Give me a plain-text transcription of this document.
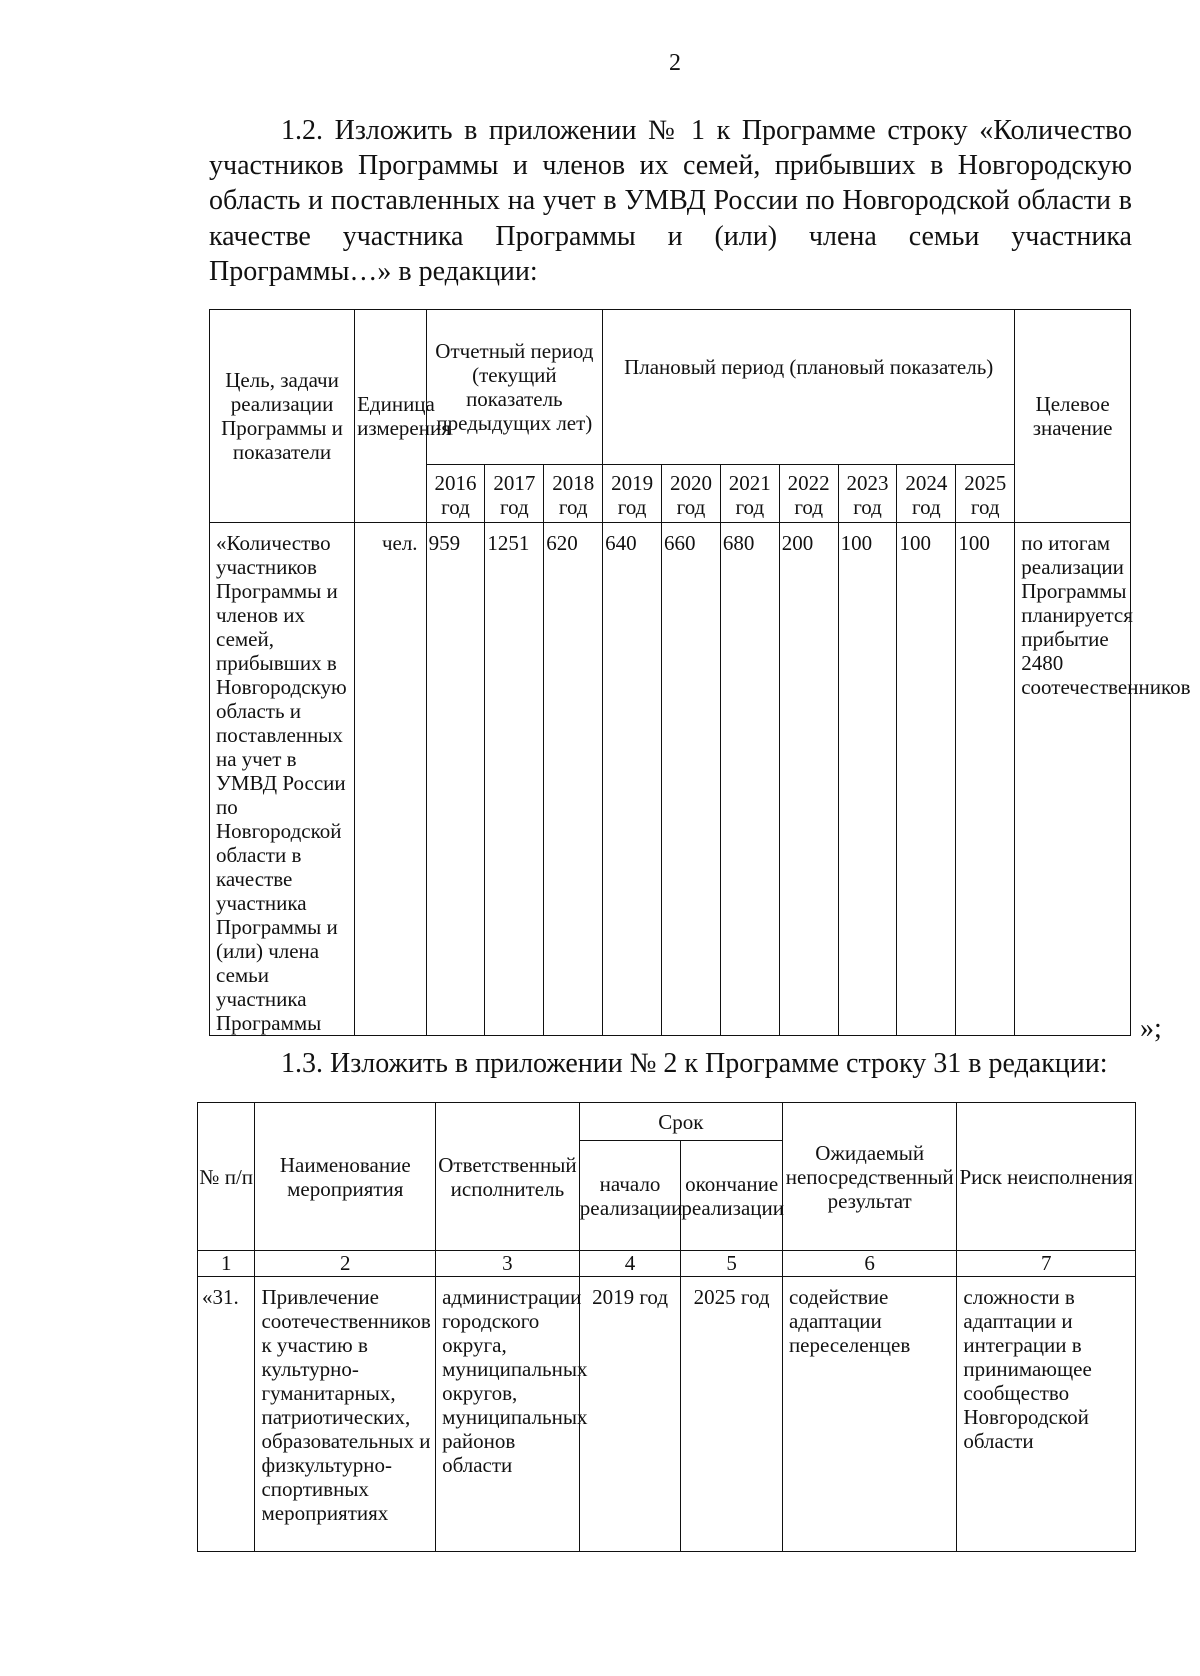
2
1.2. Изложить в приложении № 1 к Программе строку «Количество участников Программы и членов их семей, прибывших в Новгородскую область и поставленных на учет в УМВД России по Новгородской области в качестве участника Программы и (или) члена семьи участника Программы…» в редакции:
Цель, задачи реализации Программы и показатели	Единица измерения	Отчетный период (текущий показатель предыдущих лет)			Плановый период (плановый показатель)							Целевое значение
		2016 год	2017 год	2018 год	2019 год	2020 год	2021 год	2022 год	2023 год	2024 год	2025 год	
«Количество участников Программы и членов их семей, прибывших в Новгородскую область и поставленных на учет в УМВД России по Новгородской области в качестве участника Программы и (или) члена семьи участника Программы	чел.	959	1251	620	640	660	680	200	100	100	100	по итогам реализации Программы планируется прибытие 2480 соотечественников
»;
1.3. Изложить в приложении № 2 к Программе строку 31 в редакции:
№ п/п	Наименование мероприятия	Ответственный исполнитель	Срок		Ожидаемый непосредственный результат	Риск неисполнения
			начало реализации	окончание реализации		
1	2	3	4	5	6	7
«31.	Привлечение соотечественников к участию в культурно-гуманитарных, патриотических, образовательных и физкультурно-спортивных мероприятиях	администрации городского округа, муниципальных округов, муниципальных районов области	2019 год	2025 год	содействие адаптации переселенцев	сложности в адаптации и интеграции в принимающее сообщество Новгородской области
